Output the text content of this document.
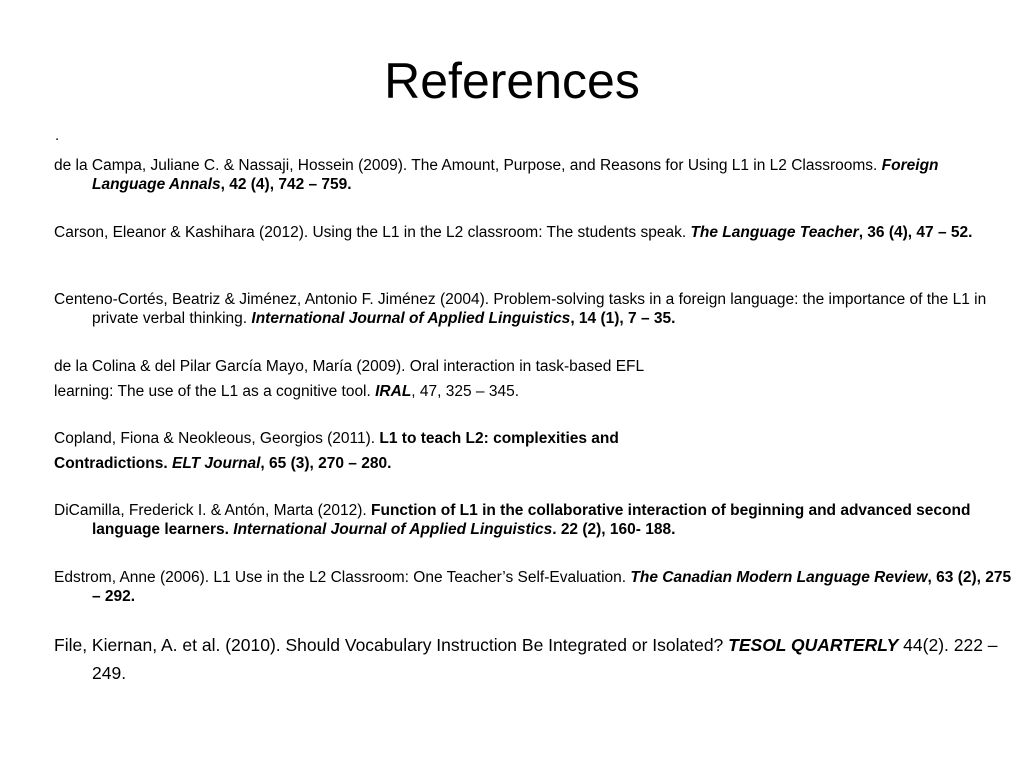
References
.

de la Campa, Juliane C. & Nassaji, Hossein (2009). The Amount, Purpose, and Reasons for Using L1 in L2 Classrooms. Foreign Language Annals, 42 (4), 742 – 759.

Carson, Eleanor & Kashihara (2012). Using the L1 in the L2 classroom: The students speak. The Language Teacher, 36 (4), 47 – 52.

Centeno-Cortés, Beatriz & Jiménez, Antonio F. Jiménez (2004). Problem-solving tasks in a foreign language: the importance of the L1 in private verbal thinking. International Journal of Applied Linguistics, 14 (1), 7 – 35.

de la Colina & del Pilar García Mayo, María (2009). Oral interaction in task-based EFL
learning: The use of the L1 as a cognitive tool. IRAL, 47, 325 – 345.

Copland, Fiona & Neokleous, Georgios (2011). L1 to teach L2: complexities and
Contradictions. ELT Journal, 65 (3), 270 – 280.

DiCamilla, Frederick I. & Antón, Marta (2012). Function of L1 in the collaborative interaction of beginning and advanced second language learners. International Journal of Applied Linguistics. 22 (2), 160- 188.

Edstrom, Anne (2006). L1 Use in the L2 Classroom: One Teacher’s Self-Evaluation. The Canadian Modern Language Review, 63 (2), 275 – 292.

File, Kiernan, A. et al. (2010). Should Vocabulary Instruction Be Integrated or Isolated? TESOL QUARTERLY 44(2). 222 – 249.
